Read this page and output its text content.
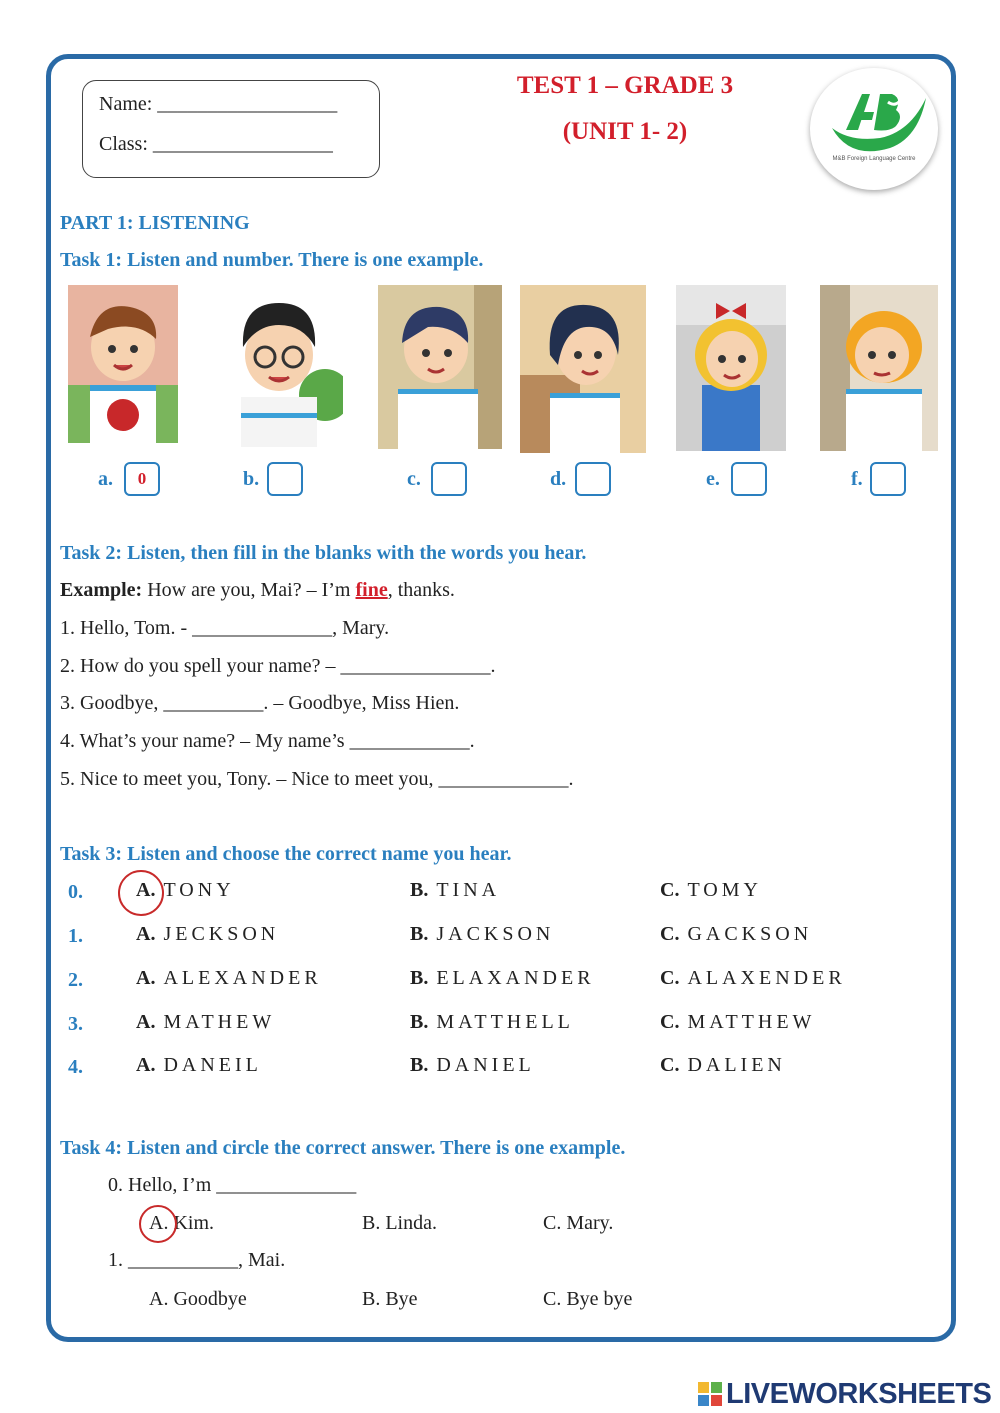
Name: __________________
Class: __________________
TEST 1 – GRADE 3
(UNIT 1- 2)
M&B Foreign Language Centre
PART 1: LISTENING
Task 1: Listen and number. There is one example.
a.	0	b.	c.	d.	e.	f.
Task 2: Listen, then fill in the blanks with the words you hear.
Example: How are you, Mai? – I’m fine, thanks.
1. Hello, Tom. - ______________, Mary.
2. How do you spell your name? – _______________.
3. Goodbye, __________. – Goodbye, Miss Hien.
4. What’s your name? – My name’s ____________.
5. Nice to meet you, Tony. – Nice to meet you, _____________.
Task 3: Listen and choose the correct name you hear.
0.	A. TONY	B. TINA	C. TOMY
1.	A. JECKSON	B. JACKSON	C. GACKSON
2.	A. ALEXANDER	B. ELAXANDER	C. ALAXENDER
3.	A. MATHEW	B. MATTHELL	C. MATTHEW
4.	A. DANEIL	B. DANIEL	C. DALIEN
Task 4: Listen and circle the correct answer. There is one example.
0. Hello, I’m ______________
A. Kim.	B. Linda.	C. Mary.
1. ___________, Mai.
A. Goodbye	B. Bye	C. Bye bye
LIVEWORKSHEETS
